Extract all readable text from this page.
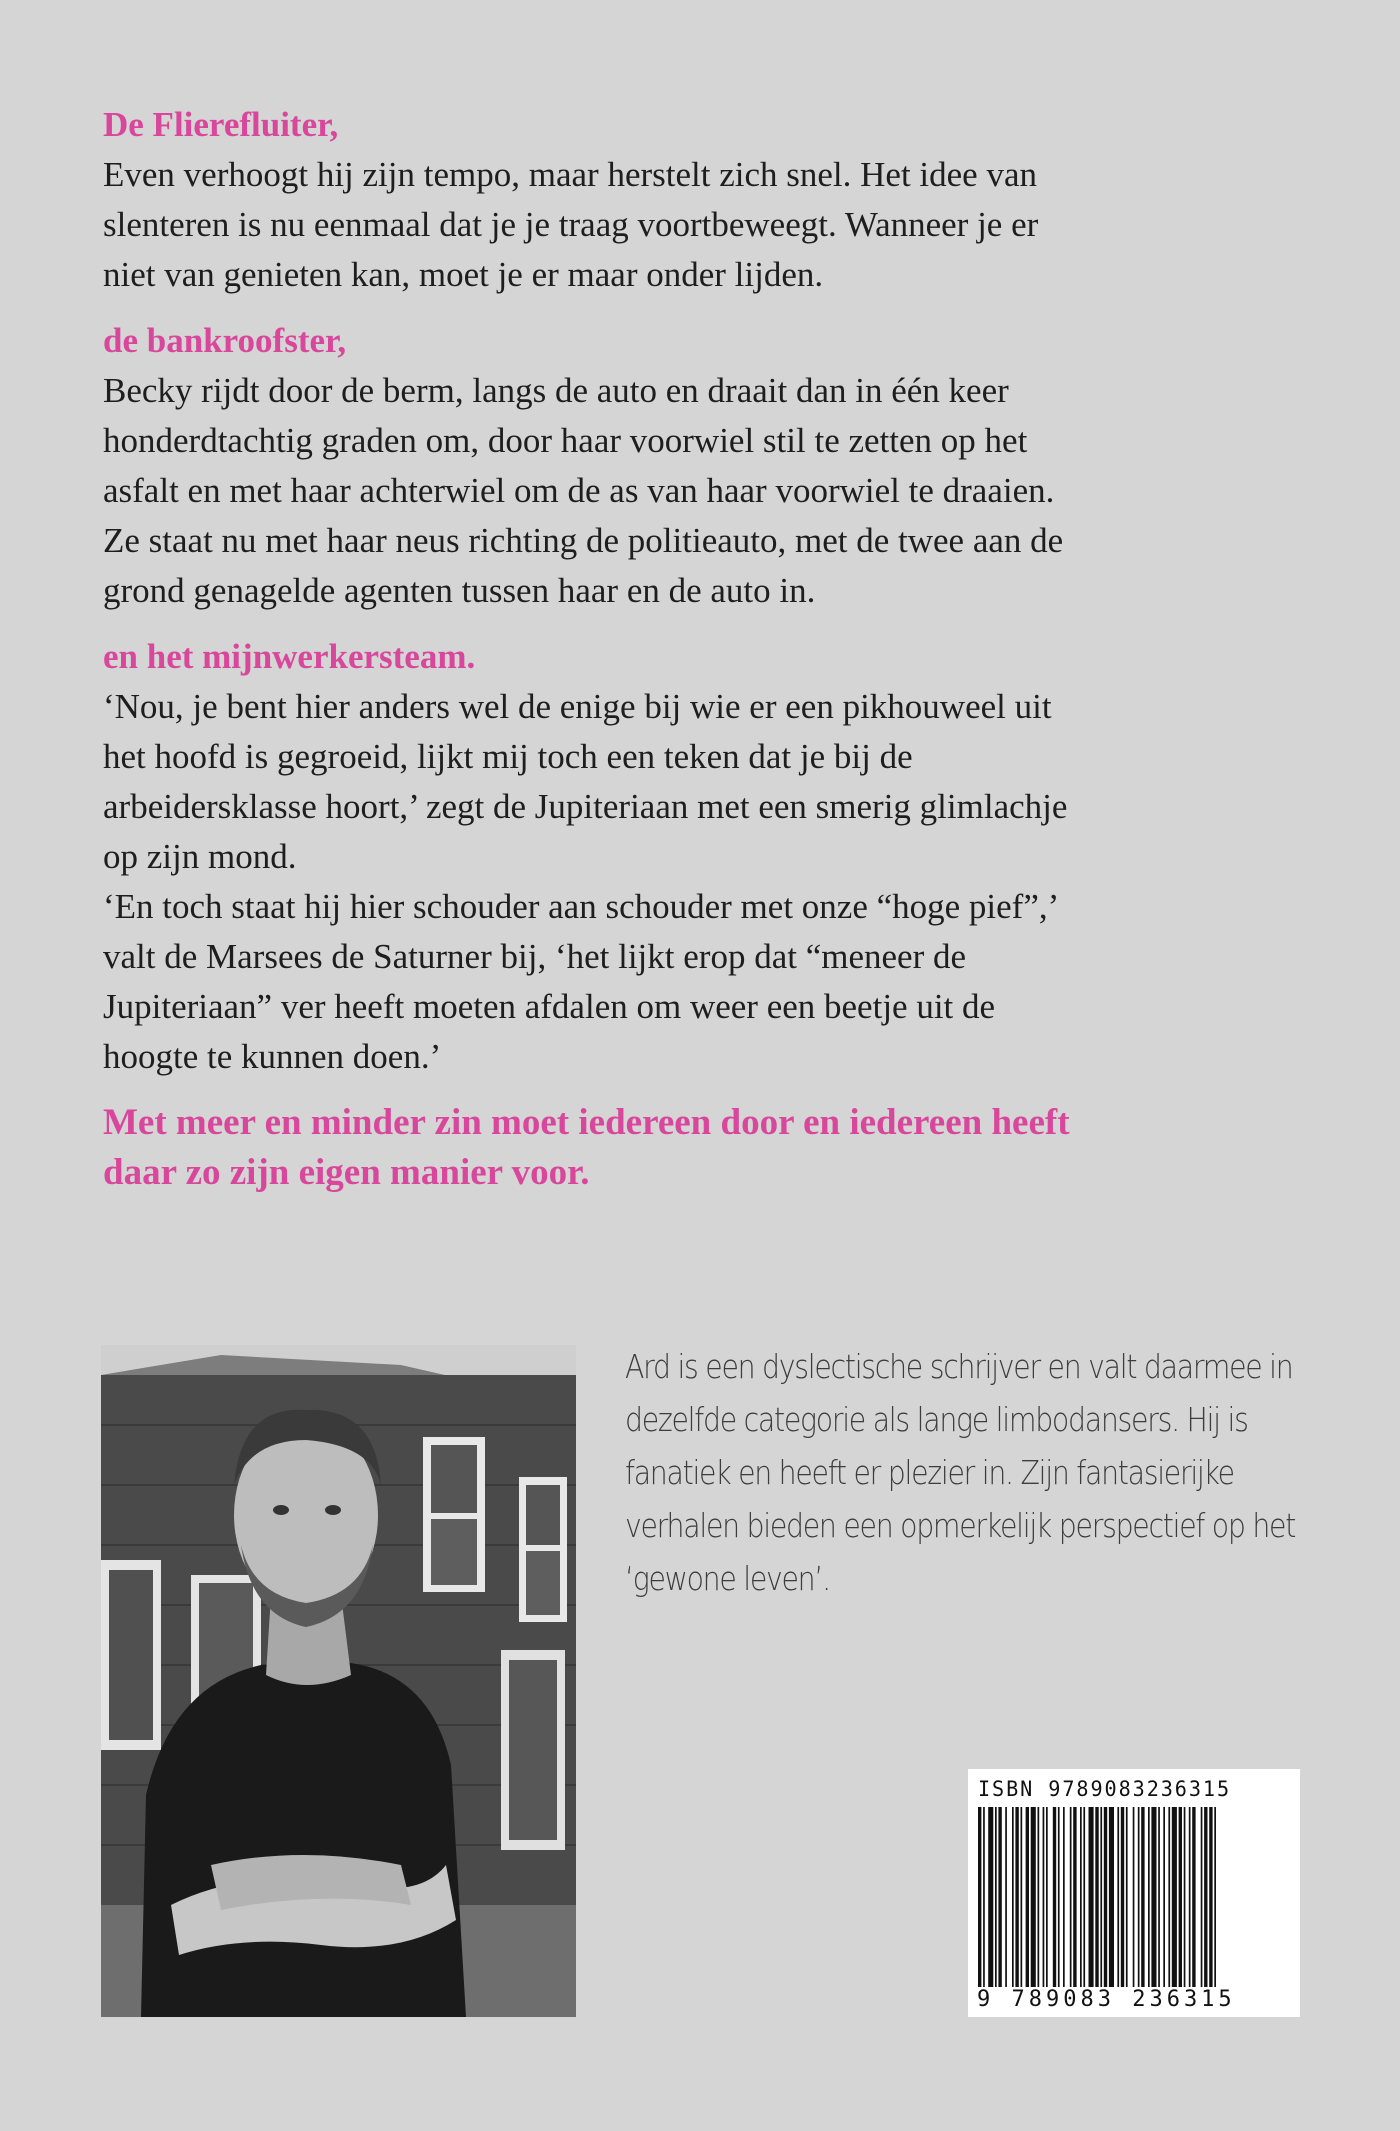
De Flierefluiter,
Even verhoogt hij zijn tempo, maar herstelt zich snel. Het idee van
slenteren is nu eenmaal dat je je traag voortbeweegt. Wanneer je er
niet van genieten kan, moet je er maar onder lijden.
de bankroofster,
Becky rijdt door de berm, langs de auto en draait dan in één keer
honderdtachtig graden om, door haar voorwiel stil te zetten op het
asfalt en met haar achterwiel om de as van haar voorwiel te draaien.
Ze staat nu met haar neus richting de politieauto, met de twee aan de
grond genagelde agenten tussen haar en de auto in.
en het mijnwerkersteam.
‘Nou, je bent hier anders wel de enige bij wie er een pikhouweel uit
het hoofd is gegroeid, lijkt mij toch een teken dat je bij de
arbeidersklasse hoort,’ zegt de Jupiteriaan met een smerig glimlachje
op zijn mond.
‘En toch staat hij hier schouder aan schouder met onze “hoge pief”,’
valt de Marsees de Saturner bij, ‘het lijkt erop dat “meneer de
Jupiteriaan” ver heeft moeten afdalen om weer een beetje uit de
hoogte te kunnen doen.’
Met meer en minder zin moet iedereen door en iedereen heeft
daar zo zijn eigen manier voor.
Ard is een dyslectische schrijver en valt daarmee in
dezelfde categorie als lange limbodansers. Hij is
fanatiek en heeft er plezier in. Zijn fantasierijke
verhalen bieden een opmerkelijk perspectief op het
‘gewone leven’.
ISBN 9789083236315
9 789083 236315
